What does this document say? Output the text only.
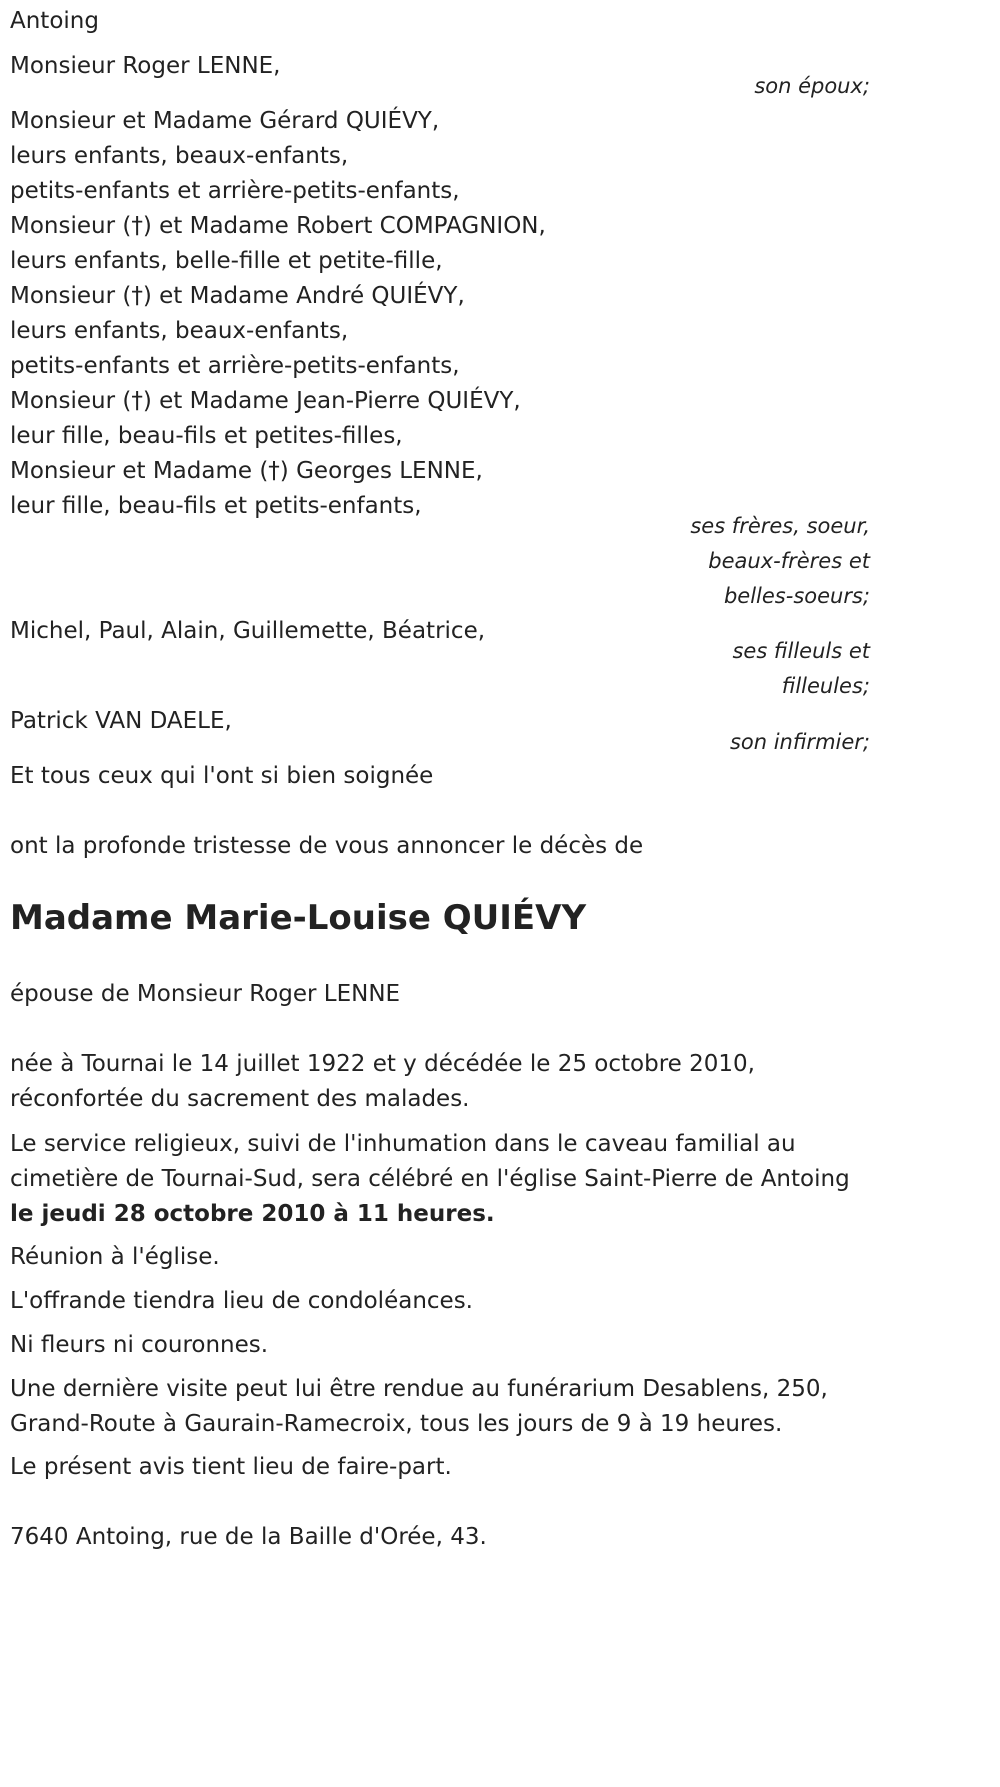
Antoing
Monsieur Roger LENNE,
son époux;
Monsieur et Madame Gérard QUIÉVY,
leurs enfants, beaux-enfants,
petits-enfants et arrière-petits-enfants,
Monsieur (†) et Madame Robert COMPAGNION,
leurs enfants, belle-fille et petite-fille,
Monsieur (†) et Madame André QUIÉVY,
leurs enfants, beaux-enfants,
petits-enfants et arrière-petits-enfants,
Monsieur (†) et Madame Jean-Pierre QUIÉVY,
leur fille, beau-fils et petites-filles,
Monsieur et Madame (†) Georges LENNE,
leur fille, beau-fils et petits-enfants,
ses frères, soeur,
beaux-frères et
belles-soeurs;
Michel, Paul, Alain, Guillemette, Béatrice,
ses filleuls et
filleules;
Patrick VAN DAELE,
son infirmier;
Et tous ceux qui l'ont si bien soignée
ont la profonde tristesse de vous annoncer le décès de
Madame Marie-Louise QUIÉVY
épouse de Monsieur Roger LENNE
née à Tournai le 14 juillet 1922 et y décédée le 25 octobre 2010,
réconfortée du sacrement des malades.
Le service religieux, suivi de l'inhumation dans le caveau familial au
cimetière de Tournai-Sud, sera célébré en l'église Saint-Pierre de Antoing
le jeudi 28 octobre 2010 à 11 heures.
Réunion à l'église.
L'offrande tiendra lieu de condoléances.
Ni fleurs ni couronnes.
Une dernière visite peut lui être rendue au funérarium Desablens, 250,
Grand-Route à Gaurain-Ramecroix, tous les jours de 9 à 19 heures.
Le présent avis tient lieu de faire-part.
7640 Antoing, rue de la Baille d'Orée, 43.
